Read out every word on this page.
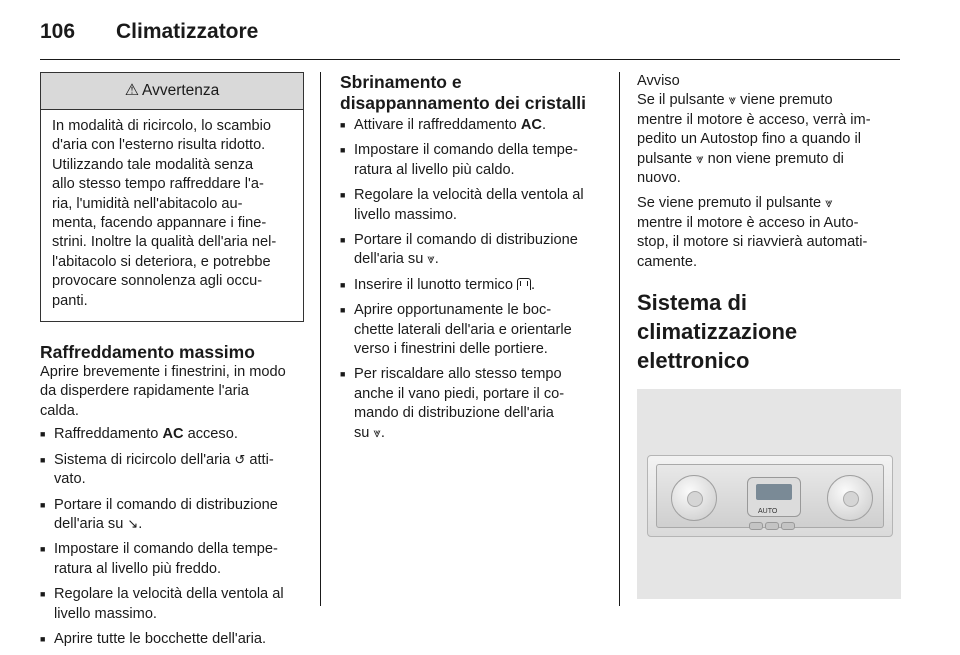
106 Climatizzatore
⚠ Avvertenza
In modalità di ricircolo, lo scambio
d'aria con l'esterno risulta ridotto.
Utilizzando tale modalità senza
allo stesso tempo raffreddare l'a-
ria, l'umidità nell'abitacolo au-
menta, facendo appannare i fine-
strini. Inoltre la qualità dell'aria nel-
l'abitacolo si deteriora, e potrebbe
provocare sonnolenza agli occu-
panti.
Raffreddamento massimo
Aprire brevemente i finestrini, in modo
da disperdere rapidamente l'aria
calda.
■ Raffreddamento AC acceso.
■ Sistema di ricircolo dell'aria ↺ atti-
vato.
■ Portare il comando di distribuzione
dell'aria su ↘.
■ Impostare il comando della tempe-
ratura al livello più freddo.
■ Regolare la velocità della ventola al
livello massimo.
■ Aprire tutte le bocchette dell'aria.
Sbrinamento e
disappannamento dei cristalli
■ Attivare il raffreddamento AC.
■ Impostare il comando della tempe-
ratura al livello più caldo.
■ Regolare la velocità della ventola al
livello massimo.
■ Portare il comando di distribuzione
dell'aria su ⩔.
■ Inserire il lunotto termico .
■ Aprire opportunamente le boc-
chette laterali dell'aria e orientarle
verso i finestrini delle portiere.
■ Per riscaldare allo stesso tempo
anche il vano piedi, portare il co-
mando di distribuzione dell'aria
su ⩔.
Avviso
Se il pulsante ⩔ viene premuto
mentre il motore è acceso, verrà im-
pedito un Autostop fino a quando il
pulsante ⩔ non viene premuto di
nuovo.
Se viene premuto il pulsante ⩔
mentre il motore è acceso in Auto-
stop, il motore si riavvierà automati-
camente.
Sistema di climatizzazione
elettronico
AUTO
